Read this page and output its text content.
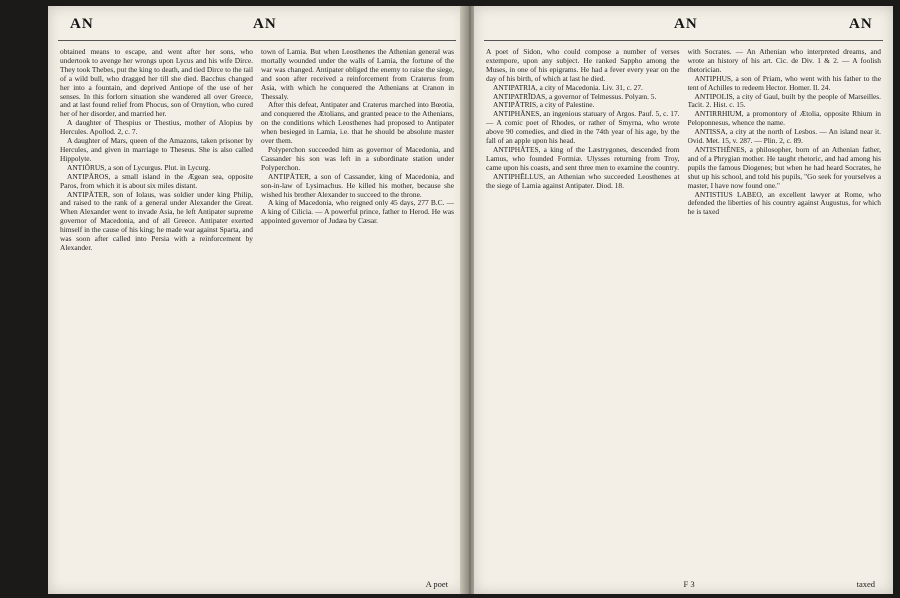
AN	AN

obtained means to escape, and went after her sons, who undertook to avenge her wrongs upon Lycus and his wife Dirce. They took Thebes, put the king to death, and tied Dirce to the tail of a wild bull, who dragged her till she died. Bacchus changed her into a fountain, and deprived Antiope of the use of her senses. In this forlorn situation she wandered all over Greece, and at last found relief from Phocus, son of Ornytion, who cured her of her disorder, and married her.

A daughter of Thespius or Thestius, mother of Alopius by Hercules. Apollod. 2, c. 7.

A daughter of Mars, queen of the Amazons, taken prisoner by Hercules, and given in marriage to Theseus. She is also called Hippolyte.

ANTIŎRUS, a son of Lycurgus. Plut. in Lycurg.

ANTIPĂROS, a small island in the Ægean sea, opposite Paros, from which it is about six miles distant.

ANTIPĂTER, son of Iolaus, was soldier under king Philip, and raised to the rank of a general under Alexander the Great. When Alexander went to invade Asia, he left Antipater supreme governor of Macedonia, and of all Greece. Antipater exerted himself in the cause of his king; he made war against Sparta, and was soon after called into Persia with a reinforcement by Alexander.

town of Lamia. But when Leosthenes the Athenian general was mortally wounded under the walls of Lamia, the fortune of the war was changed. Antipater obliged the enemy to raise the siege, and soon after received a reinforcement from Craterus from Asia, with which he conquered the Athenians at Cranon in Thessaly.

After this defeat, Antipater and Craterus marched into Bœotia, and conquered the Ætolians, and granted peace to the Athenians, on the conditions which Leosthenes had proposed to Antipater when besieged in Lamia, i.e. that he should be absolute master over them.

Polyperchon succeeded him as governor of Macedonia, and Cassander his son was left in a subordinate station under Polyperchon.

ANTIPĂTER, a son of Cassander, king of Macedonia, and son-in-law of Lysimachus. He killed his mother, because she wished his brother Alexander to succeed to the throne.

A king of Macedonia, who reigned only 45 days, 277 B.C. — A king of Cilicia. — A powerful prince, father to Herod. He was appointed governor of Judæa by Cæsar.

A poet
AN	AN

A poet of Sidon, who could compose a number of verses extempore, upon any subject. He ranked Sappho among the Muses, in one of his epigrams. He had a fever every year on the day of his birth, of which at last he died.

ANTIPATRIA, a city of Macedonia. Liv. 31, c. 27.

ANTIPATRĪDAS, a governor of Telmessus. Polyæn. 5.

ANTIPĂTRIS, a city of Palestine.

ANTIPHĂNES, an ingenious statuary of Argos. Pauf. 5, c. 17. — A comic poet of Rhodes, or rather of Smyrna, who wrote above 90 comedies, and died in the 74th year of his age, by the fall of an apple upon his head.

ANTIPHĂTES, a king of the Læstrygones, descended from Lamus, who founded Formiæ. Ulysses returning from Troy, came upon his coasts, and sent three men to examine the country.

ANTIPHĒLLUS, an Athenian who succeeded Leosthenes at the siege of Lamia against Antipater. Diod. 18.

with Socrates. — An Athenian who interpreted dreams, and wrote an history of his art. Cic. de Div. 1 & 2. — A foolish rhetorician.

ANTIPHUS, a son of Priam, who went with his father to the tent of Achilles to redeem Hector. Homer. Il. 24.

ANTIPOLIS, a city of Gaul, built by the people of Marseilles. Tacit. 2. Hist. c. 15.

ANTIRRHIUM, a promontory of Ætolia, opposite Rhium in Peloponnesus, whence the name.

ANTISSA, a city at the north of Lesbos. — An island near it. Ovid. Met. 15, v. 287. — Plin. 2, c. 89.

ANTISTHĔNES, a philosopher, born of an Athenian father, and of a Phrygian mother. He taught rhetoric, and had among his pupils the famous Diogenes; but when he had heard Socrates, he shut up his school, and told his pupils, "Go seek for yourselves a master, I have now found one."

ANTISTIUS LABEO, an excellent lawyer at Rome, who defended the liberties of his country against Augustus, for which he is taxed

F 3	taxed
